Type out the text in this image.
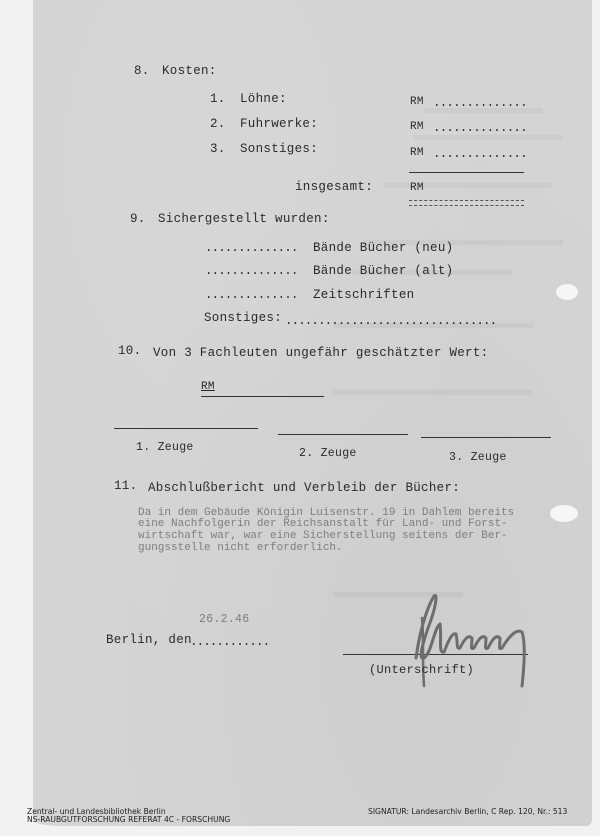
8. Kosten:
1. Löhne:	RM ..............
2. Fuhrwerke:	RM ..............
3. Sonstiges:	RM ..............
insgesamt:	RM
9. Sichergestellt wurden:
.............. Bände Bücher (neu)
.............. Bände Bücher (alt)
.............. Zeitschriften
Sonstiges: ................................
10. Von 3 Fachleuten ungefähr geschätzter Wert:
RM
1. Zeuge	2. Zeuge	3. Zeuge
11. Abschlußbericht und Verbleib der Bücher:
Da in dem Gebäude Königin Luisenstr. 19 in Dahlem bereits
eine Nachfolgerin der Reichsanstalt für Land- und Forst-
wirtschaft war, war eine Sicherstellung seitens der Ber-
gungsstelle nicht erforderlich.
26.2.46
Berlin, den
............
(Unterschrift)
Zentral- und Landesbibliothek Berlin
NS-RAUBGUTFORSCHUNG REFERAT 4C - FORSCHUNG
SIGNATUR: Landesarchiv Berlin, C Rep. 120, Nr.: 513
